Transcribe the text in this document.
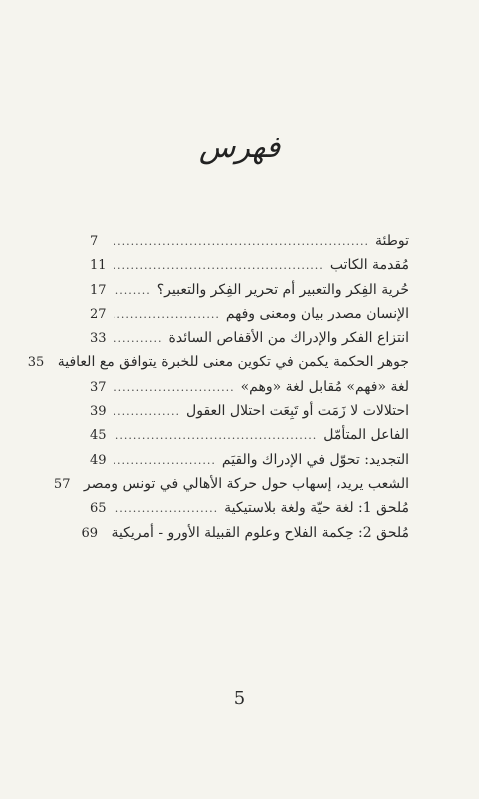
فهرس
توطئة
.....
7
مُقدمة الكاتب
.....
11
حُرية الفِكر والتعبير أم تحرير الفِكر والتعبير؟
.....
17
الإنسان مصدر بيان ومعنى وفهم
.....
27
انتزاع الفكر والإدراك من الأقفاص السائدة
.....
33
جوهر الحكمة يكمن في تكوين معنى للخبرة يتوافق مع العافية
35
لغة «فهم» مُقابل لغة «وهم»
.....
37
احتلالات لا زَمَت أو تَبِعَت احتلال العقول
.....
39
الفاعل المتأمّل
.....
45
التجديد: تحوّل في الإدراك والقيَم
.....
49
الشعب يريد، إسهاب حول حركة الأهالي في تونس ومصر
57
مُلحق 1: لغة حيّة ولغة بلاستيكية
.....
65
مُلحق 2: حِكمة الفلاح وعلوم القبيلة الأورو - أمريكية
69
5
